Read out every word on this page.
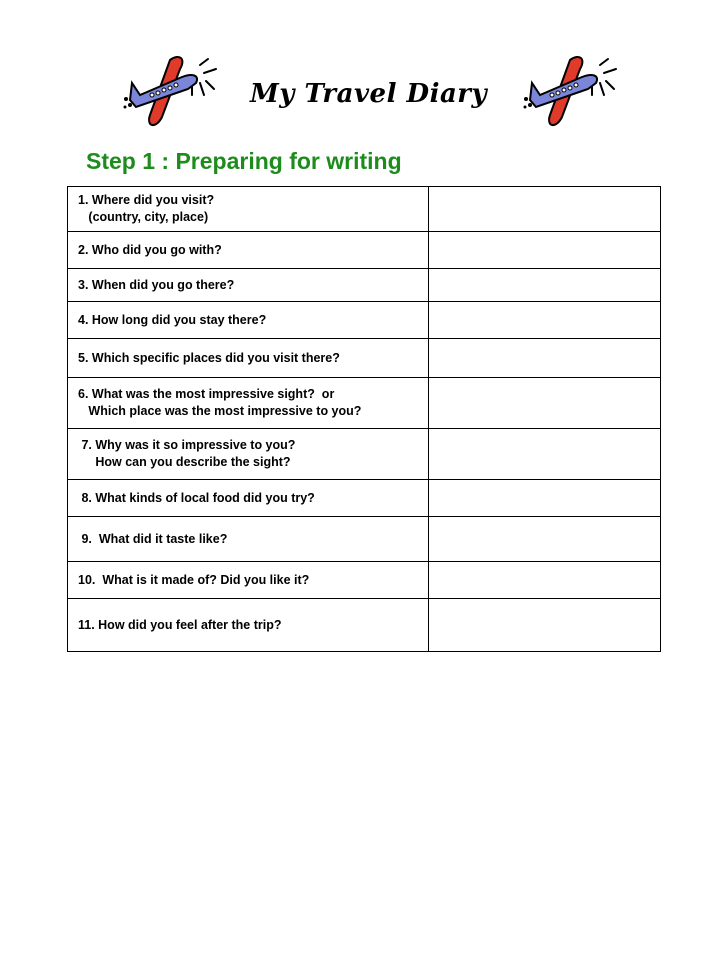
My Travel Diary
Step 1 : Preparing for writing
1. Where did you visit?
(country, city, place)	

2. Who did you go with?	

3. When did you go there?	

4. How long did you stay there?	

5. Which specific places did you visit there?	

6. What was the most impressive sight?  or
Which place was the most impressive to you?	

7. Why was it so impressive to you?
How can you describe the sight?	

8. What kinds of local food did you try?	

9.  What did it taste like?	

10.  What is it made of? Did you like it?	

11. How did you feel after the trip?	
